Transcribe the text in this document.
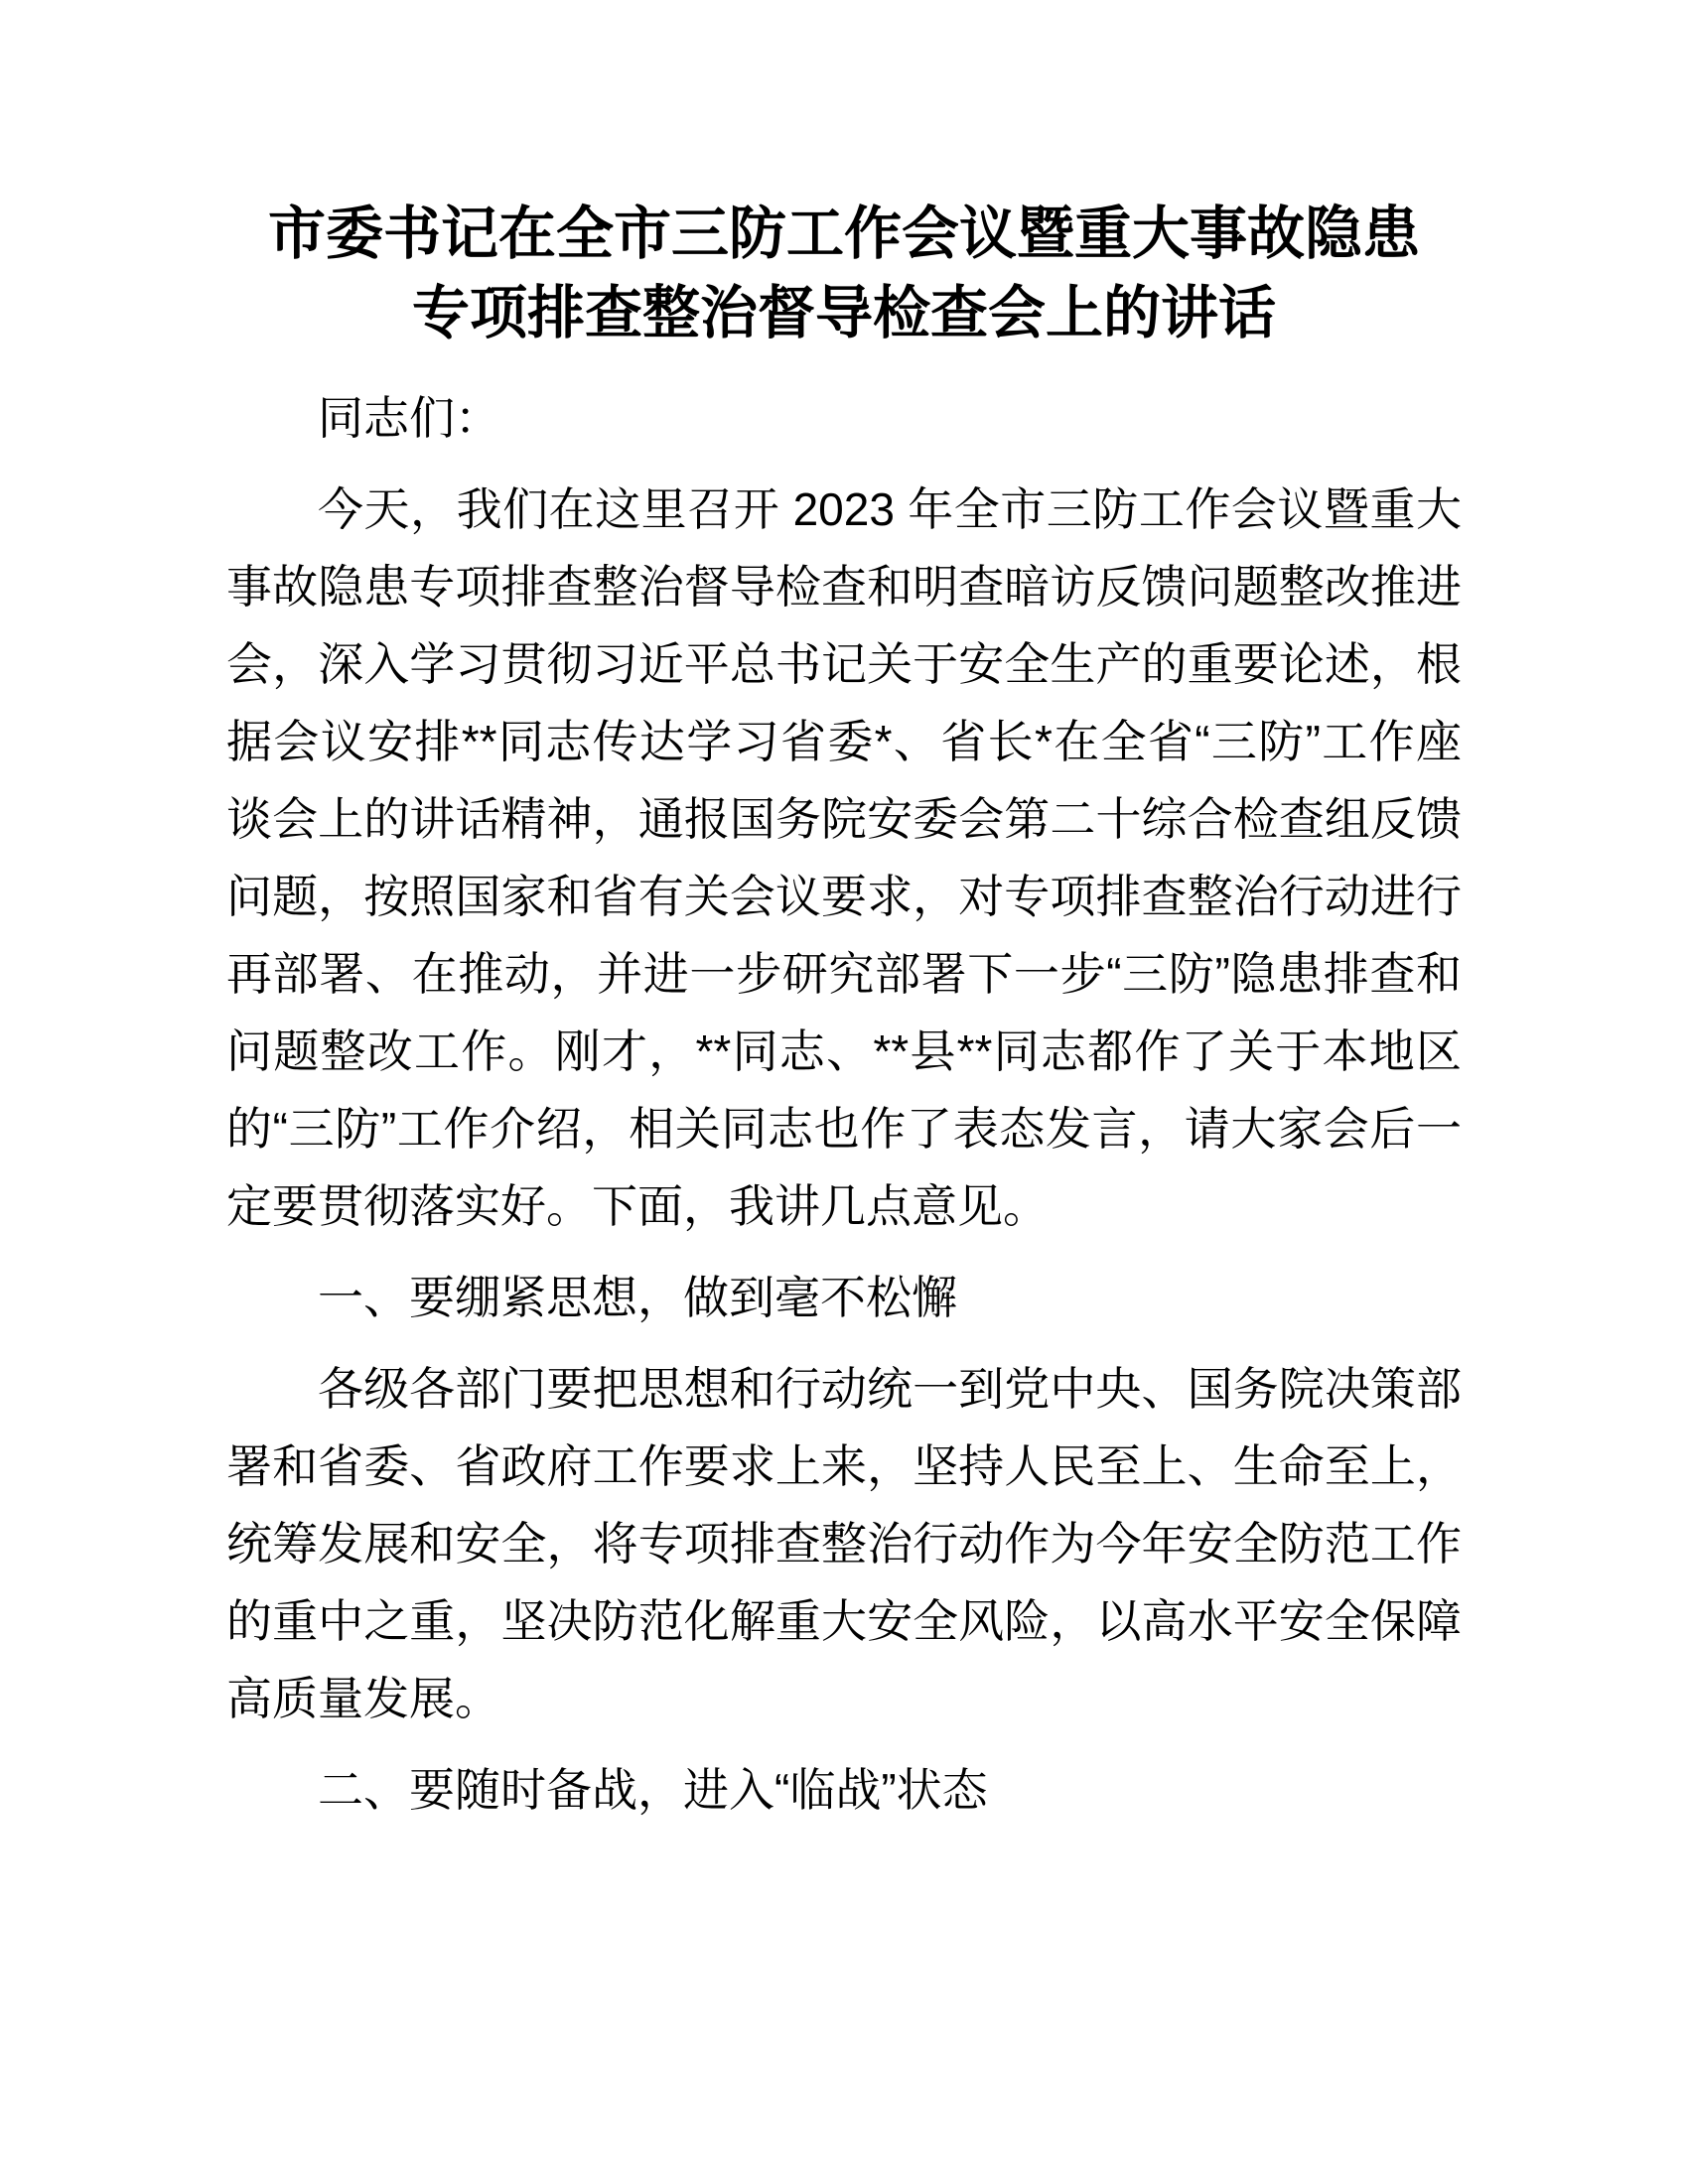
市委书记在全市三防工作会议暨重大事故隐患
专项排查整治督导检查会上的讲话

同志们：

今天，我们在这里召开 2023 年全市三防工作会议暨重大事故隐患专项排查整治督导检查和明查暗访反馈问题整改推进会，深入学习贯彻习近平总书记关于安全生产的重要论述，根据会议安排**同志传达学习省委*、省长*在全省“三防”工作座谈会上的讲话精神，通报国务院安委会第二十综合检查组反馈问题，按照国家和省有关会议要求，对专项排查整治行动进行再部署、在推动，并进一步研究部署下一步“三防”隐患排查和问题整改工作。刚才，**同志、**县**同志都作了关于本地区的“三防”工作介绍，相关同志也作了表态发言，请大家会后一定要贯彻落实好。下面，我讲几点意见。

一、要绷紧思想，做到毫不松懈

各级各部门要把思想和行动统一到党中央、国务院决策部署和省委、省政府工作要求上来，坚持人民至上、生命至上，统筹发展和安全，将专项排查整治行动作为今年安全防范工作的重中之重，坚决防范化解重大安全风险，以高水平安全保障高质量发展。

二、要随时备战，进入“临战”状态
